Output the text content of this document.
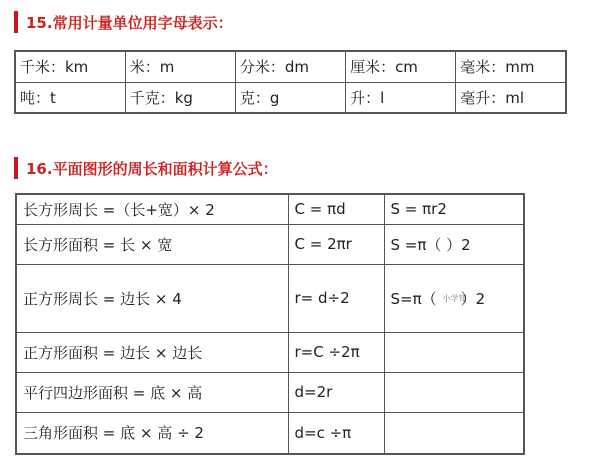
15.常用计量单位用字母表示：
千米：km	米：m	分米：dm	厘米：cm	毫米：mm
吨：t	千克：kg	克：g	升：l	毫升：ml
16.平面图形的周长和面积计算公式：
长方形周长 =（长+宽）× 2	C = πd	S = πr2
长方形面积 = 长 × 宽	C = 2πr	S =π（ ）2
正方形周长 = 边长 × 4	r= d÷2	S=π（ 小学知）2
正方形面积 = 边长 × 边长	r=C ÷2π	
平行四边形面积 = 底 × 高	d=2r	
三角形面积 = 底 × 高 ÷ 2	d=c ÷π	
